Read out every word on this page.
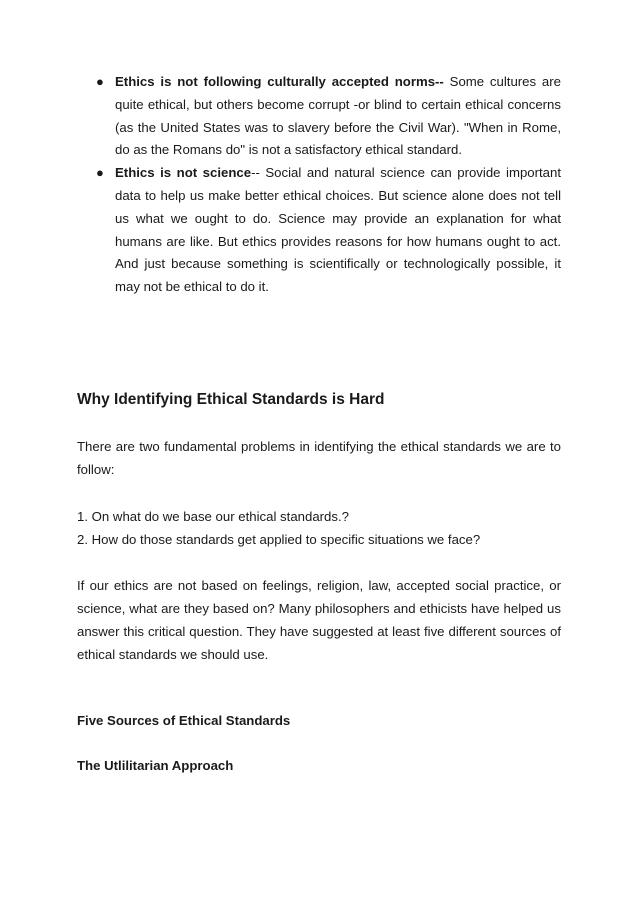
● Ethics is not following culturally accepted norms-- Some cultures are quite ethical, but others become corrupt -or blind to certain ethical concerns (as the United States was to slavery before the Civil War). "When in Rome, do as the Romans do" is not a satisfactory ethical standard.
● Ethics is not science-- Social and natural science can provide important data to help us make better ethical choices. But science alone does not tell us what we ought to do. Science may provide an explanation for what humans are like. But ethics provides reasons for how humans ought to act. And just because something is scientifically or technologically possible, it may not be ethical to do it.
Why Identifying Ethical Standards is Hard
There are two fundamental problems in identifying the ethical standards we are to follow:
1. On what do we base our ethical standards.?
2. How do those standards get applied to specific situations we face?
If our ethics are not based on feelings, religion, law, accepted social practice, or science, what are they based on? Many philosophers and ethicists have helped us answer this critical question. They have suggested at least five different sources of ethical standards we should use.
Five Sources of Ethical Standards
The Utlilitarian Approach
